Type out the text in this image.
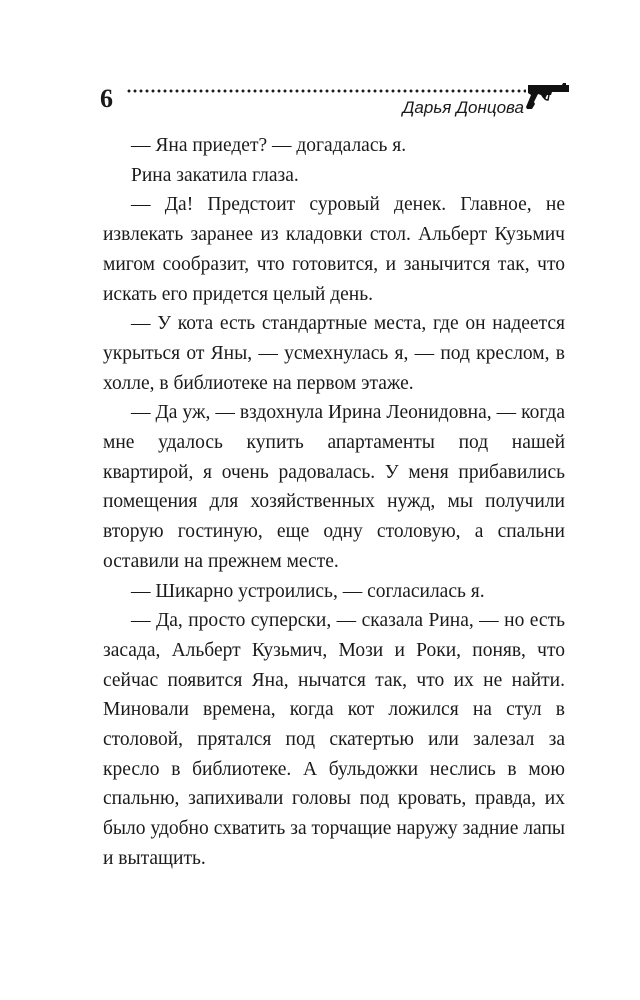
6	Дарья Донцова

— Яна приедет? — догадалась я.

Рина закатила глаза.

— Да! Предстоит суровый денек. Главное, не извлекать заранее из кладовки стол. Альберт Кузьмич мигом сообразит, что готовится, и занычится так, что искать его придется целый день.

— У кота есть стандартные места, где он надеется укрыться от Яны, — усмехнулась я, — под креслом, в холле, в библиотеке на первом этаже.

— Да уж, — вздохнула Ирина Леонидовна, — когда мне удалось купить апартаменты под нашей квартирой, я очень радовалась. У меня прибавились помещения для хозяйственных нужд, мы получили вторую гостиную, еще одну столовую, а спальни оставили на прежнем месте.

— Шикарно устроились, — согласилась я.

— Да, просто суперски, — сказала Рина, — но есть засада, Альберт Кузьмич, Мози и Роки, поняв, что сейчас появится Яна, нычатся так, что их не найти. Миновали времена, когда кот ложился на стул в столовой, прятался под скатертью или залезал за кресло в библиотеке. А бульдожки неслись в мою спальню, запихивали головы под кровать, правда, их было удобно схватить за торчащие наружу задние лапы и вытащить.
